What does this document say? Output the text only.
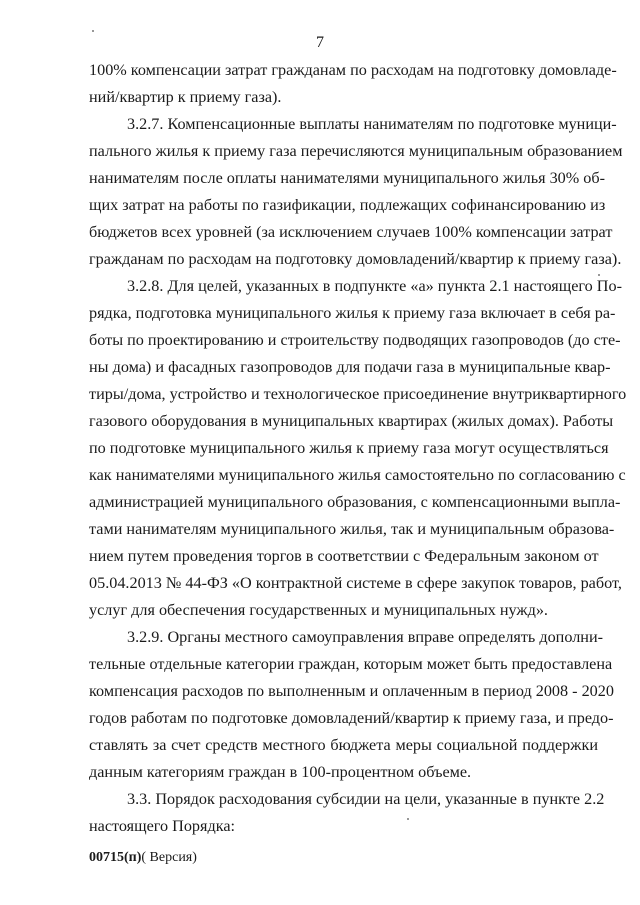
7
100% компенсации затрат гражданам по расходам на подготовку домовладе-
ний/квартир к приему газа).
3.2.7. Компенсационные выплаты нанимателям по подготовке муници-
пального жилья к приему газа перечисляются муниципальным образованием
нанимателям после оплаты нанимателями муниципального жилья 30% об-
щих затрат на работы по газификации, подлежащих софинансированию из
бюджетов всех уровней (за исключением случаев 100% компенсации затрат
гражданам по расходам на подготовку домовладений/квартир к приему газа).
3.2.8. Для целей, указанных в подпункте «а» пункта 2.1 настоящего По-
рядка, подготовка муниципального жилья к приему газа включает в себя ра-
боты по проектированию и строительству подводящих газопроводов (до сте-
ны дома) и фасадных газопроводов для подачи газа в муниципальные квар-
тиры/дома, устройство и технологическое присоединение внутриквартирного
газового оборудования в муниципальных квартирах (жилых домах). Работы
по подготовке муниципального жилья к приему газа могут осуществляться
как нанимателями муниципального жилья самостоятельно по согласованию с
администрацией муниципального образования, с компенсационными выпла-
тами нанимателям муниципального жилья, так и муниципальным образова-
нием путем проведения торгов в соответствии с Федеральным законом от
05.04.2013 № 44-ФЗ «О контрактной системе в сфере закупок товаров, работ,
услуг для обеспечения государственных и муниципальных нужд».
3.2.9. Органы местного самоуправления вправе определять дополни-
тельные отдельные категории граждан, которым может быть предоставлена
компенсация расходов по выполненным и оплаченным в период 2008 - 2020
годов работам по подготовке домовладений/квартир к приему газа, и предо-
ставлять за счет средств местного бюджета меры социальной поддержки
данным категориям граждан в 100-процентном объеме.
3.3. Порядок расходования субсидии на цели, указанные в пункте 2.2
настоящего Порядка:
00715(п)( Версия)
